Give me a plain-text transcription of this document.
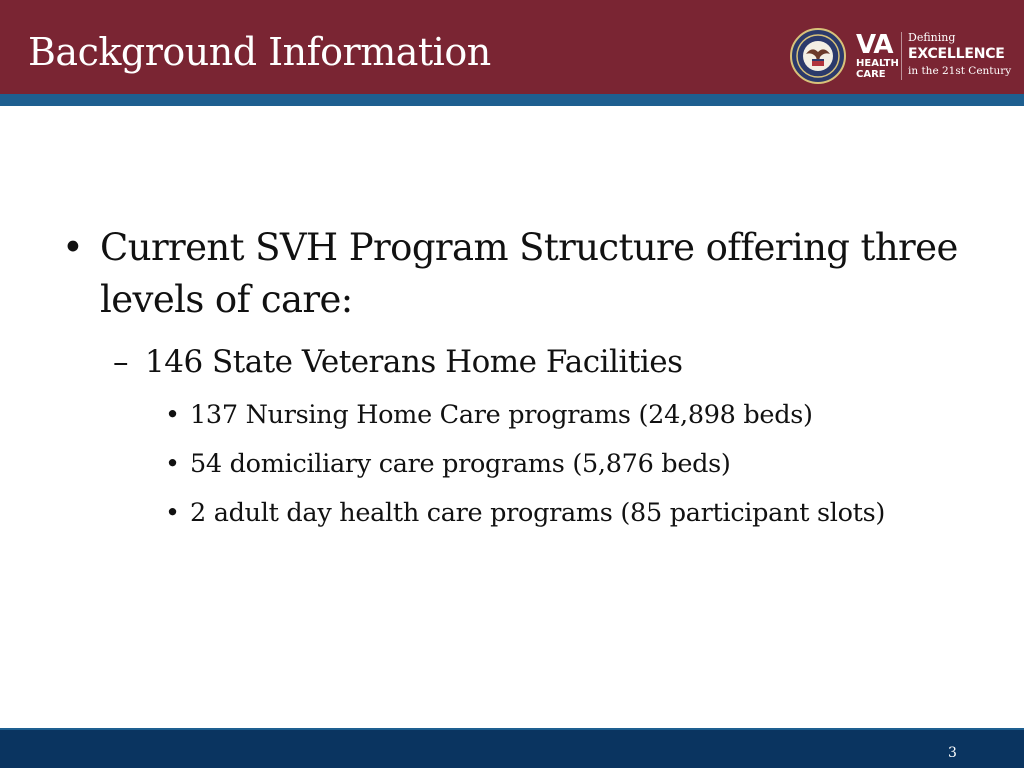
Background Information	VA
HEALTH
CARE
Defining
EXCELLENCE
in the 21st Century
• Current SVH Program Structure offering three levels of care:
– 146 State Veterans Home Facilities
• 137 Nursing Home Care programs (24,898 beds)
• 54 domiciliary care programs (5,876 beds)
• 2 adult day health care programs (85 participant slots)
3
